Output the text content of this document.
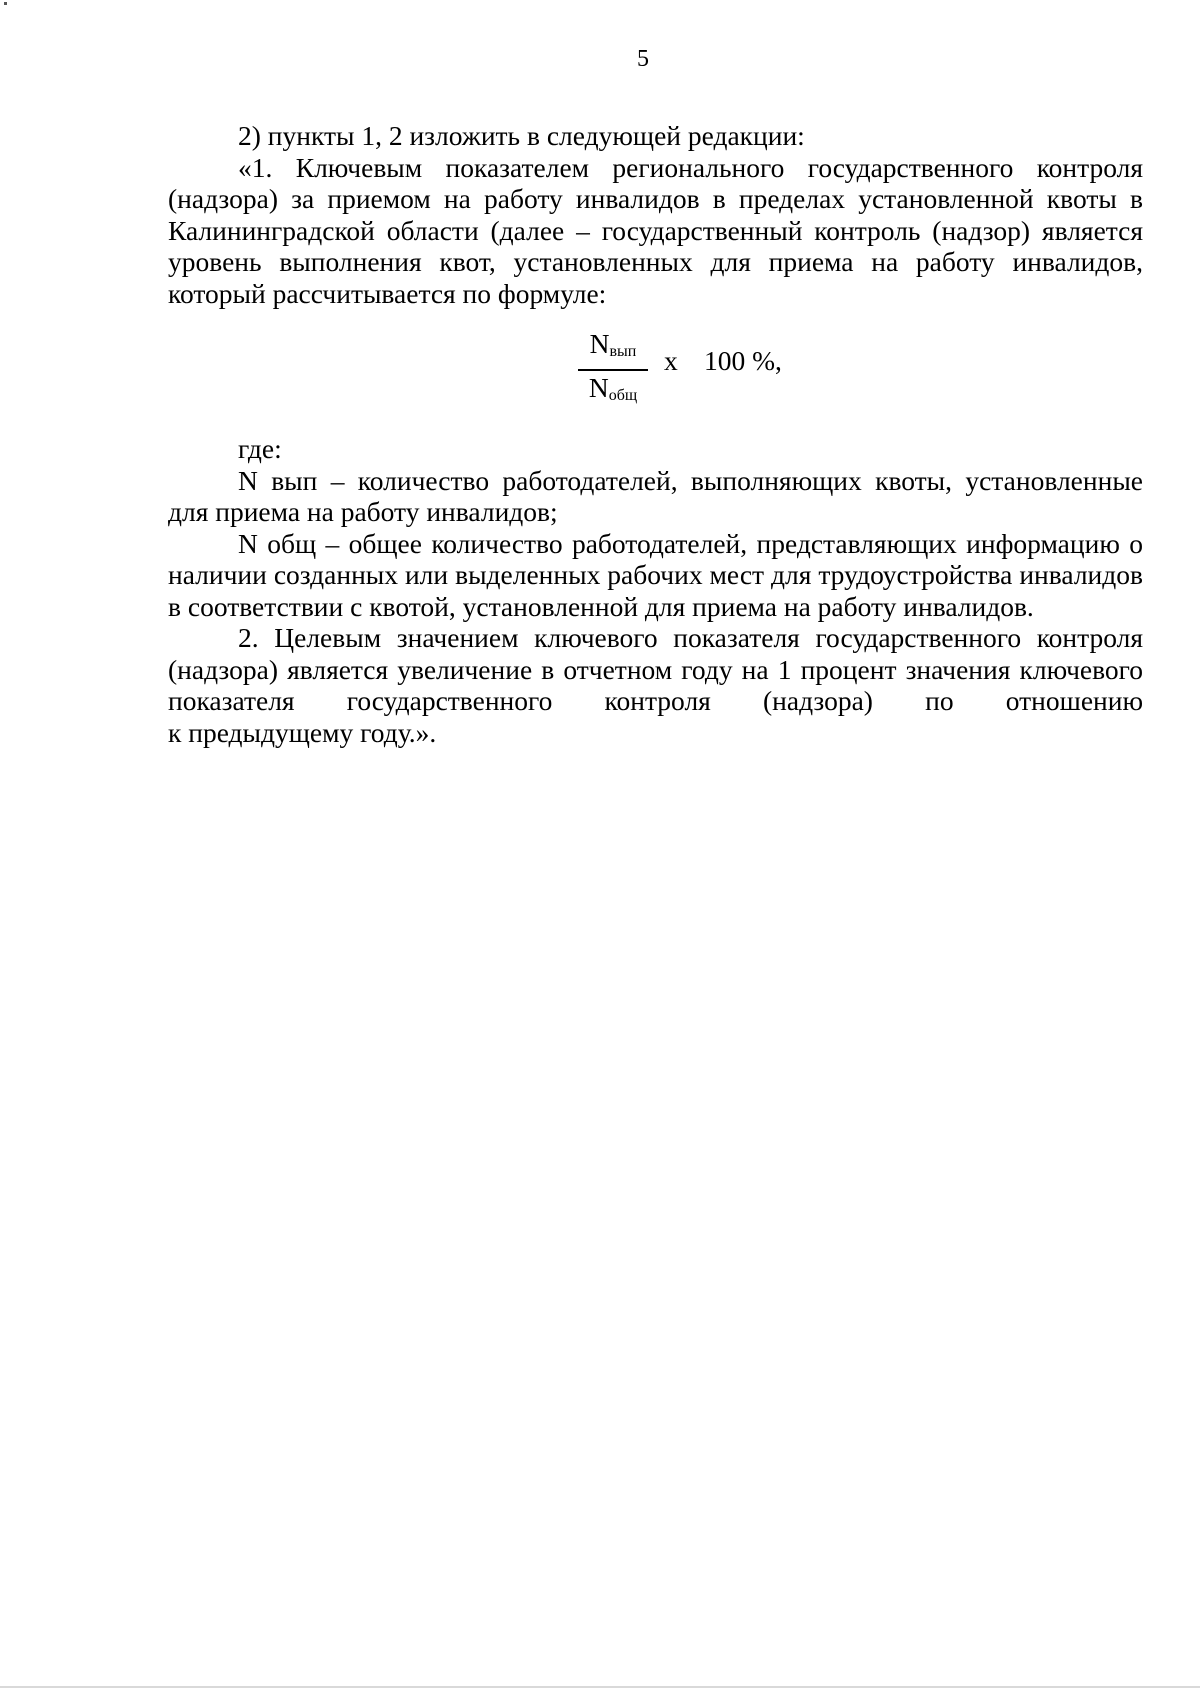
5

2) пункты 1, 2 изложить в следующей редакции:

«1. Ключевым показателем регионального государственного контроля (надзора) за приемом на работу инвалидов в пределах установленной квоты в Калининградской области (далее – государственный контроль (надзор) является уровень выполнения квот, установленных для приема на работу инвалидов, который рассчитывается по формуле:

Nвып
Nобщ
x 100 %,

где:

N вып – количество работодателей, выполняющих квоты, установленные для приема на работу инвалидов;

N общ – общее количество работодателей, представляющих информацию о наличии созданных или выделенных рабочих мест для трудоустройства инвалидов в соответствии с квотой, установленной для приема на работу инвалидов.

2. Целевым значением ключевого показателя государственного контроля (надзора) является увеличение в отчетном году на 1 процент значения ключевого показателя государственного контроля (надзора) по отношению

к предыдущему году.».
